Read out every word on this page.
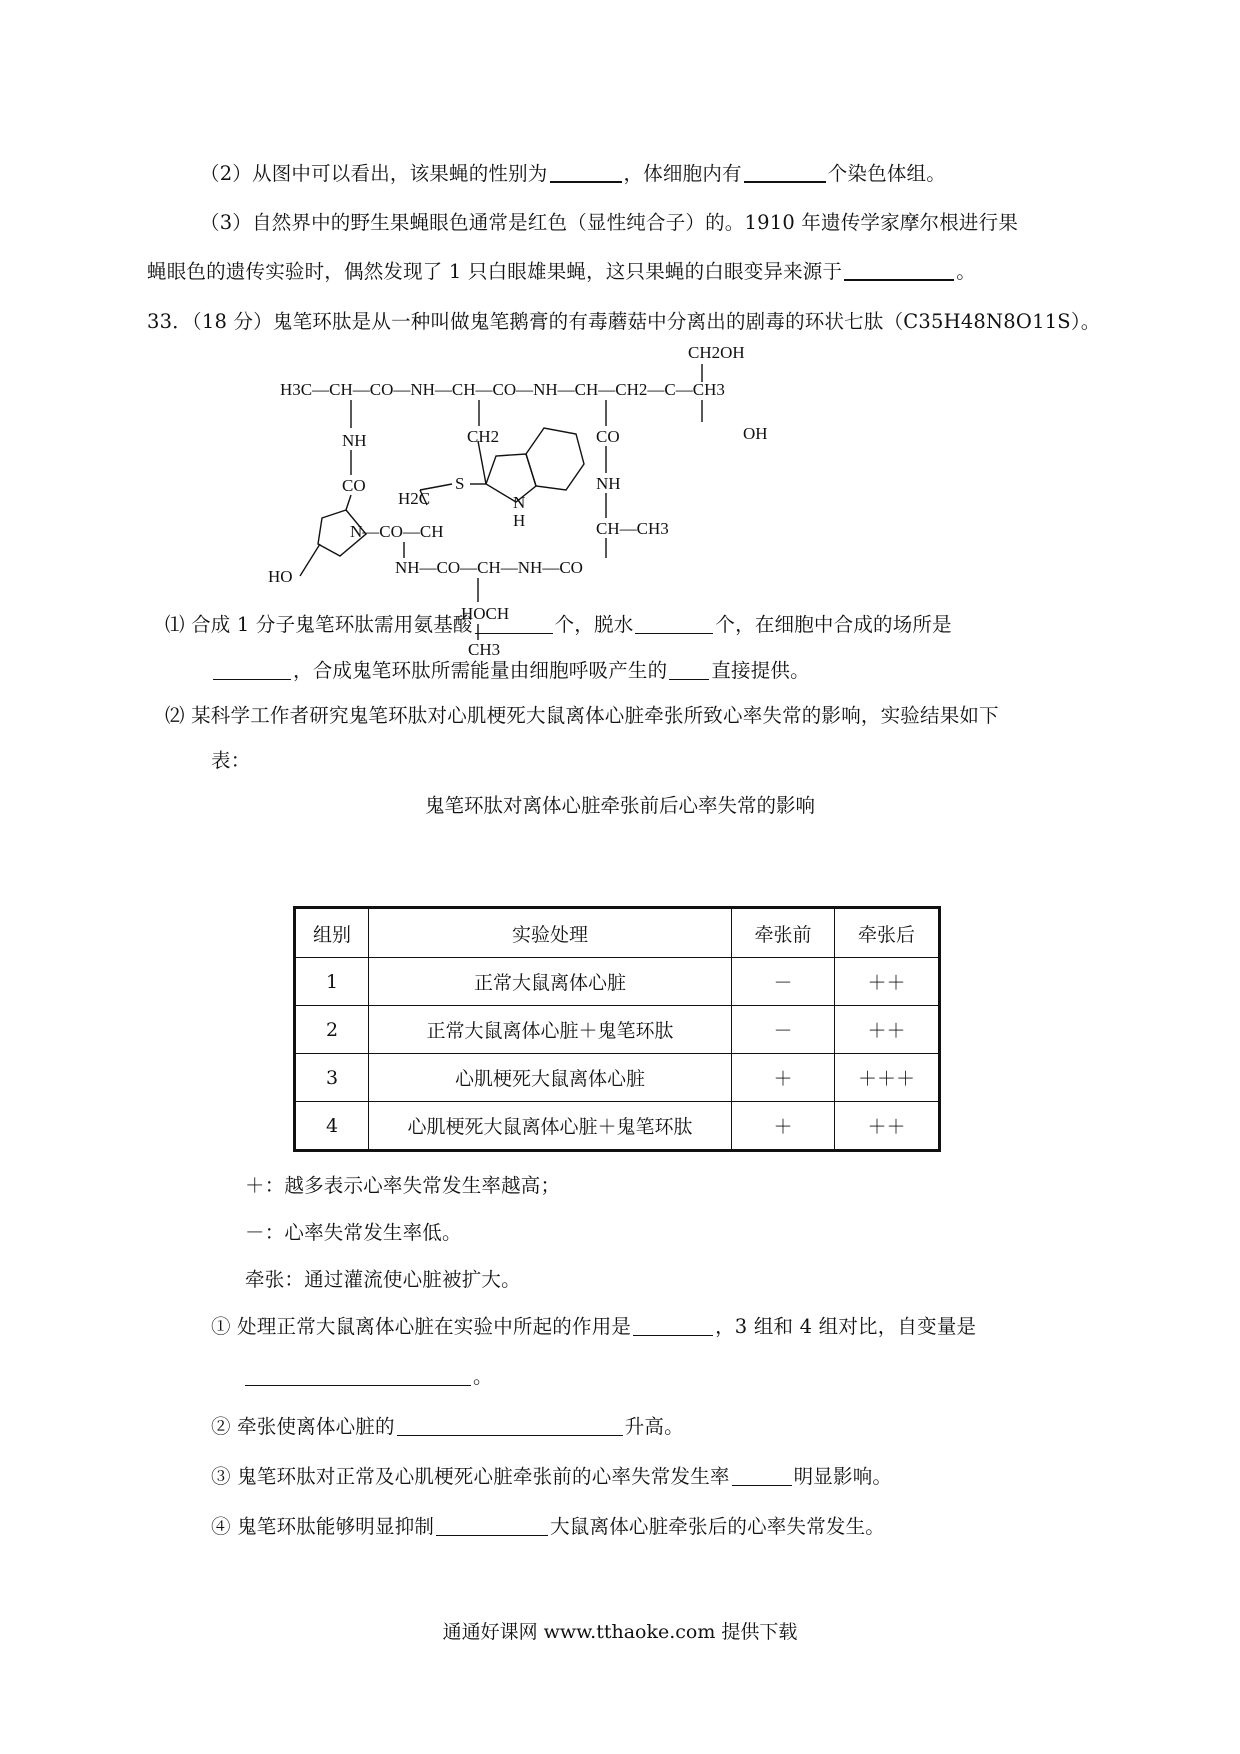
（2）从图中可以看出，该果蝇的性别为	，体细胞内有	个染色体组。
（3）自然界中的野生果蝇眼色通常是红色（显性纯合子）的。1910 年遗传学家摩尔根进行果
蝇眼色的遗传实验时，偶然发现了 1 只白眼雄果蝇，这只果蝇的白眼变异来源于	。
33．（18 分）鬼笔环肽是从一种叫做鬼笔鹅膏的有毒蘑菇中分离出的剧毒的环状七肽（C35H48N8O11S）。
H3C—CH—CO—NH—CH—CO—NH—CH—CH2—C—CH3
CH2OH
OH
NH
CO
CH2	CO
NH
CH—CH3
H2C
S
N
H
N—CO—CH
HO	NH—CO—CH—NH—CO
HOCH
CH3
⑴ 合成 1 分子鬼笔环肽需用氨基酸	个，脱水	个，在细胞中合成的场所是
，合成鬼笔环肽所需能量由细胞呼吸产生的 直接提供。
⑵ 某科学工作者研究鬼笔环肽对心肌梗死大鼠离体心脏牵张所致心率失常的影响，实验结果如下
表：
鬼笔环肽对离体心脏牵张前后心率失常的影响
组别	实验处理	牵张前	牵张后
1	正常大鼠离体心脏	－	＋＋
2	正常大鼠离体心脏＋鬼笔环肽	－	＋＋
3	心肌梗死大鼠离体心脏	＋	＋＋＋
4	心肌梗死大鼠离体心脏＋鬼笔环肽	＋	＋＋
＋：越多表示心率失常发生率越高；
－：心率失常发生率低。
牵张：通过灌流使心脏被扩大。
① 处理正常大鼠离体心脏在实验中所起的作用是	，3 组和 4 组对比，自变量是
。
② 牵张使离体心脏的	升高。
③ 鬼笔环肽对正常及心肌梗死心脏牵张前的心率失常发生率	明显影响。
④ 鬼笔环肽能够明显抑制	大鼠离体心脏牵张后的心率失常发生。
通通好课网 www.tthaoke.com 提供下载
